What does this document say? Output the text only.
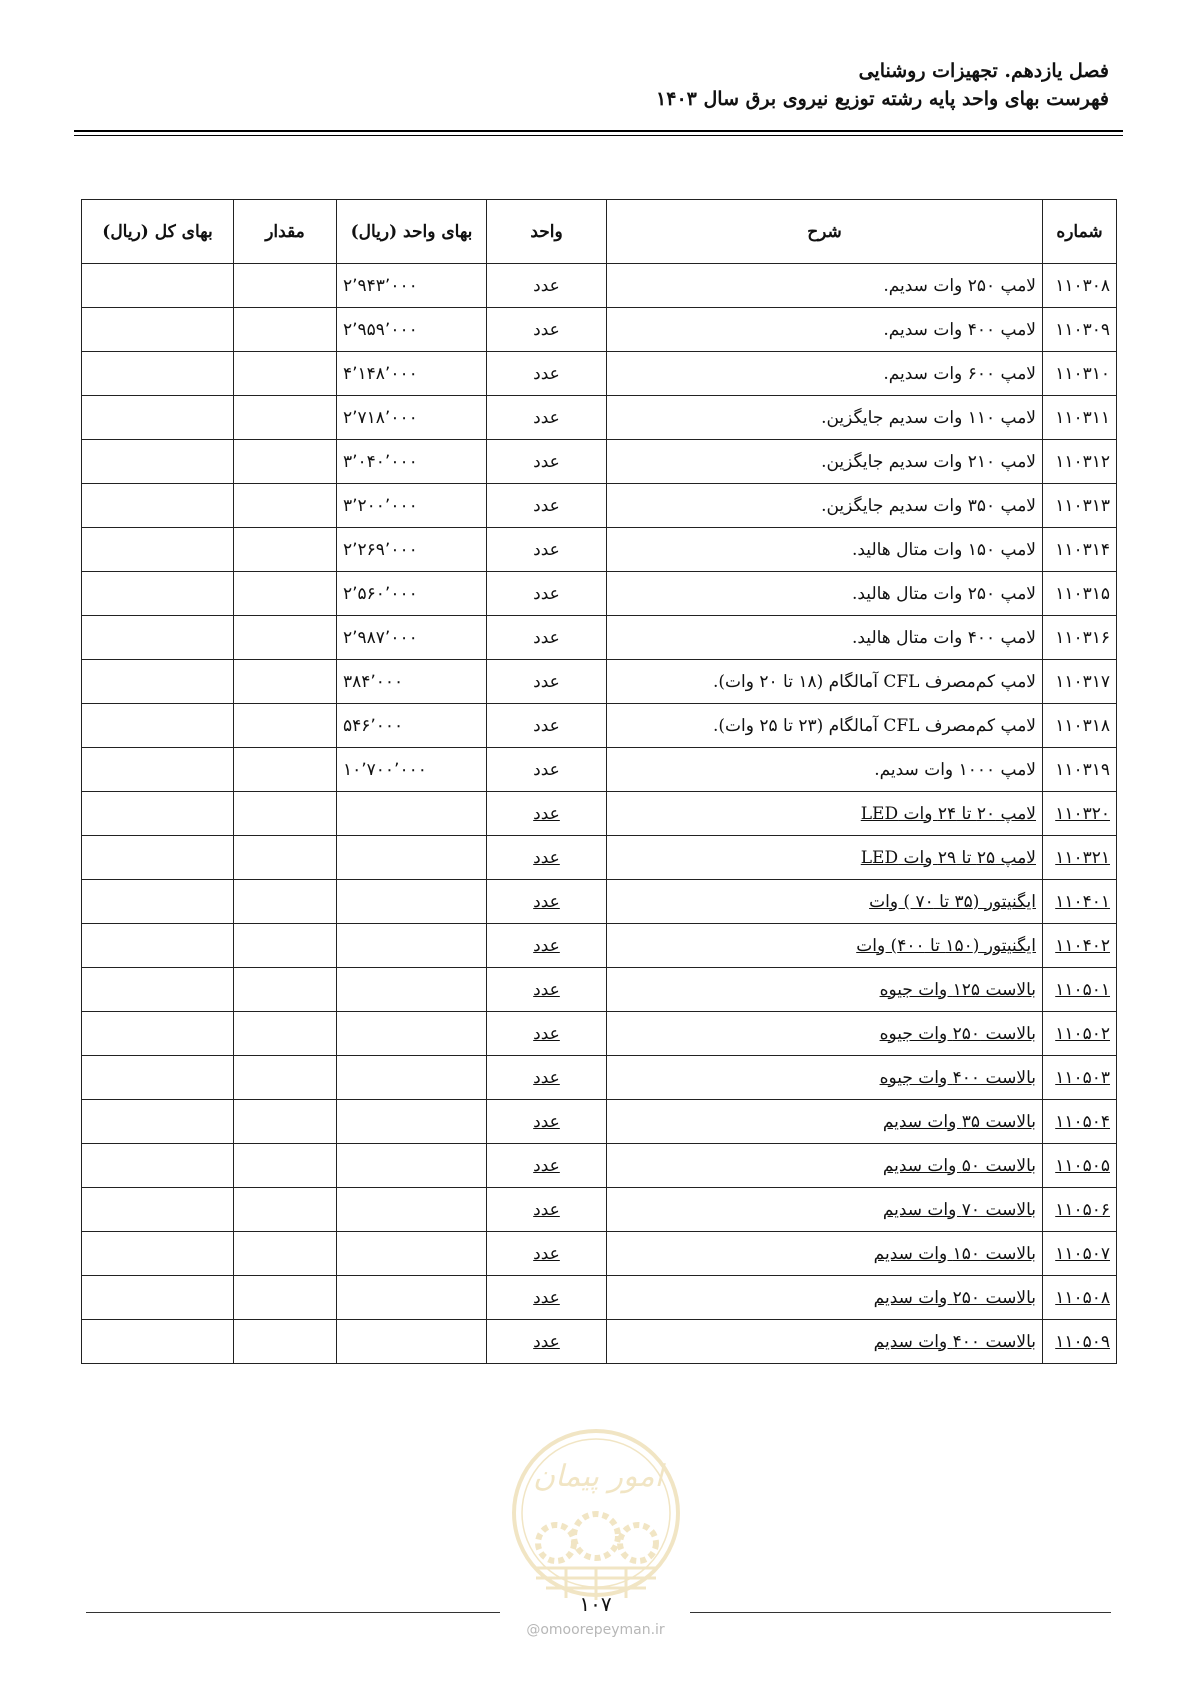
فصل یازدهم. تجهیزات روشنایی

فهرست بهای واحد پایه رشته توزیع نیروی برق سال ۱۴۰۳

شماره	شرح	واحد	بهای واحد (ریال)	مقدار	بهای کل (ریال)
۱۱۰۳۰۸	لامپ ۲۵۰ وات سدیم.	عدد	۲٬۹۴۳٬۰۰۰		
۱۱۰۳۰۹	لامپ ۴۰۰ وات سدیم.	عدد	۲٬۹۵۹٬۰۰۰		
۱۱۰۳۱۰	لامپ ۶۰۰ وات سدیم.	عدد	۴٬۱۴۸٬۰۰۰		
۱۱۰۳۱۱	لامپ ۱۱۰ وات سدیم جایگزین.	عدد	۲٬۷۱۸٬۰۰۰		
۱۱۰۳۱۲	لامپ ۲۱۰ وات سدیم جایگزین.	عدد	۳٬۰۴۰٬۰۰۰		
۱۱۰۳۱۳	لامپ ۳۵۰ وات سدیم جایگزین.	عدد	۳٬۲۰۰٬۰۰۰		
۱۱۰۳۱۴	لامپ ۱۵۰ وات متال هالید.	عدد	۲٬۲۶۹٬۰۰۰		
۱۱۰۳۱۵	لامپ ۲۵۰ وات متال هالید.	عدد	۲٬۵۶۰٬۰۰۰		
۱۱۰۳۱۶	لامپ ۴۰۰ وات متال هالید.	عدد	۲٬۹۸۷٬۰۰۰		
۱۱۰۳۱۷	لامپ کم‌مصرف CFL آمالگام (۱۸ تا ۲۰ وات).	عدد	۳۸۴٬۰۰۰		
۱۱۰۳۱۸	لامپ کم‌مصرف CFL آمالگام (۲۳ تا ۲۵ وات).	عدد	۵۴۶٬۰۰۰		
۱۱۰۳۱۹	لامپ ۱۰۰۰ وات سدیم.	عدد	۱۰٬۷۰۰٬۰۰۰		
۱۱۰۳۲۰	لامپ ۲۰ تا ۲۴ وات LED	عدد			
۱۱۰۳۲۱	لامپ ۲۵ تا ۲۹ وات LED	عدد			
۱۱۰۴۰۱	ایگنیتور (۳۵ تا ۷۰ ) وات	عدد			
۱۱۰۴۰۲	ایگنیتور (۱۵۰ تا ۴۰۰) وات	عدد			
۱۱۰۵۰۱	بالاست ۱۲۵ وات جیوه	عدد			
۱۱۰۵۰۲	بالاست ۲۵۰ وات جیوه	عدد			
۱۱۰۵۰۳	بالاست ۴۰۰ وات جیوه	عدد			
۱۱۰۵۰۴	بالاست ۳۵ وات سدیم	عدد			
۱۱۰۵۰۵	بالاست ۵۰ وات سدیم	عدد			
۱۱۰۵۰۶	بالاست ۷۰ وات سدیم	عدد			
۱۱۰۵۰۷	بالاست ۱۵۰ وات سدیم	عدد			
۱۱۰۵۰۸	بالاست ۲۵۰ وات سدیم	عدد			
۱۱۰۵۰۹	بالاست ۴۰۰ وات سدیم	عدد			
امور پیمان
۱۰۷
@omoorepeyman.ir
